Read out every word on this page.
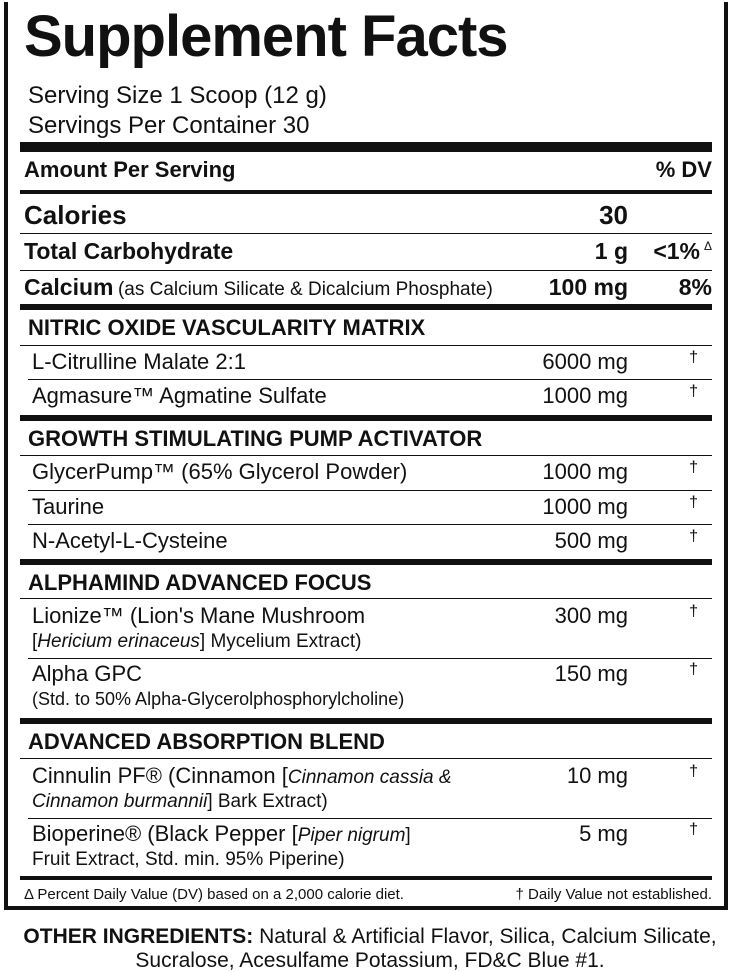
Supplement Facts
Serving Size 1 Scoop (12 g)
Servings Per Container 30
Amount Per Serving	% DV
Calories	30
Total Carbohydrate	1 g <1% Δ
Calcium (as Calcium Silicate & Dicalcium Phosphate) 100 mg 8%
NITRIC OXIDE VASCULARITY MATRIX
L-Citrulline Malate 2:1	6000 mg	†
Agmasure™ Agmatine Sulfate	1000 mg	†
GROWTH STIMULATING PUMP ACTIVATOR
GlycerPump™ (65% Glycerol Powder)	1000 mg	†
Taurine	1000 mg	†
N-Acetyl-L-Cysteine	500 mg	†
ALPHAMIND ADVANCED FOCUS
Lionize™ (Lion's Mane Mushroom
[Hericium erinaceus] Mycelium Extract)
300 mg	†
Alpha GPC
(Std. to 50% Alpha-Glycerolphosphorylcholine)
150 mg	†
ADVANCED ABSORPTION BLEND
Cinnulin PF® (Cinnamon [Cinnamon cassia &
Cinnamon burmannii] Bark Extract)
10 mg	†
Bioperine® (Black Pepper [Piper nigrum]
Fruit Extract, Std. min. 95% Piperine)
5 mg	†
Δ Percent Daily Value (DV) based on a 2,000 calorie diet.	† Daily Value not established.
OTHER INGREDIENTS: Natural & Artificial Flavor, Silica, Calcium Silicate,
Sucralose, Acesulfame Potassium, FD&C Blue #1.
